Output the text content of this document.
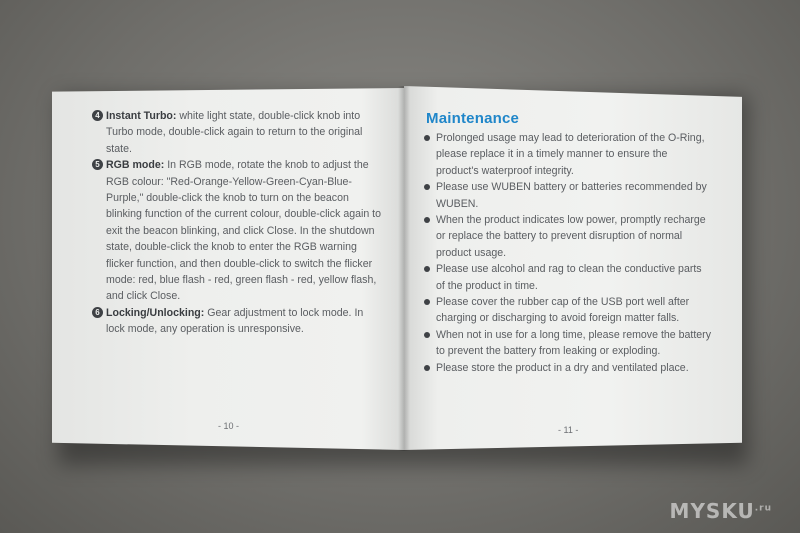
4 Instant Turbo: white light state, double-click knob into Turbo mode, double-click again to return to the original state.

5 RGB mode: In RGB mode, rotate the knob to adjust the RGB colour: "Red-Orange-Yellow-Green-Cyan-Blue-Purple," double-click the knob to turn on the beacon blinking function of the current colour, double-click again to exit the beacon blinking, and click Close. In the shutdown state, double-click the knob to enter the RGB warning flicker function, and then double-click to switch the flicker mode: red, blue flash - red, green flash - red, yellow flash, and click Close.

6 Locking/Unlocking: Gear adjustment to lock mode. In lock mode, any operation is unresponsive.

- 10 -
Maintenance
Prolonged usage may lead to deterioration of the O-Ring, please replace it in a timely manner to ensure the product's waterproof integrity.
Please use WUBEN battery or batteries recommended by WUBEN.
When the product indicates low power, promptly recharge or replace the battery to prevent disruption of normal product usage.
Please use alcohol and rag to clean the conductive parts of the product in time.
Please cover the rubber cap of the USB port well after charging or discharging to avoid foreign matter falls.
When not in use for a long time, please remove the battery to prevent the battery from leaking or exploding.
Please store the product in a dry and ventilated place.
- 11 -
$MYSKU^{.ru}$
